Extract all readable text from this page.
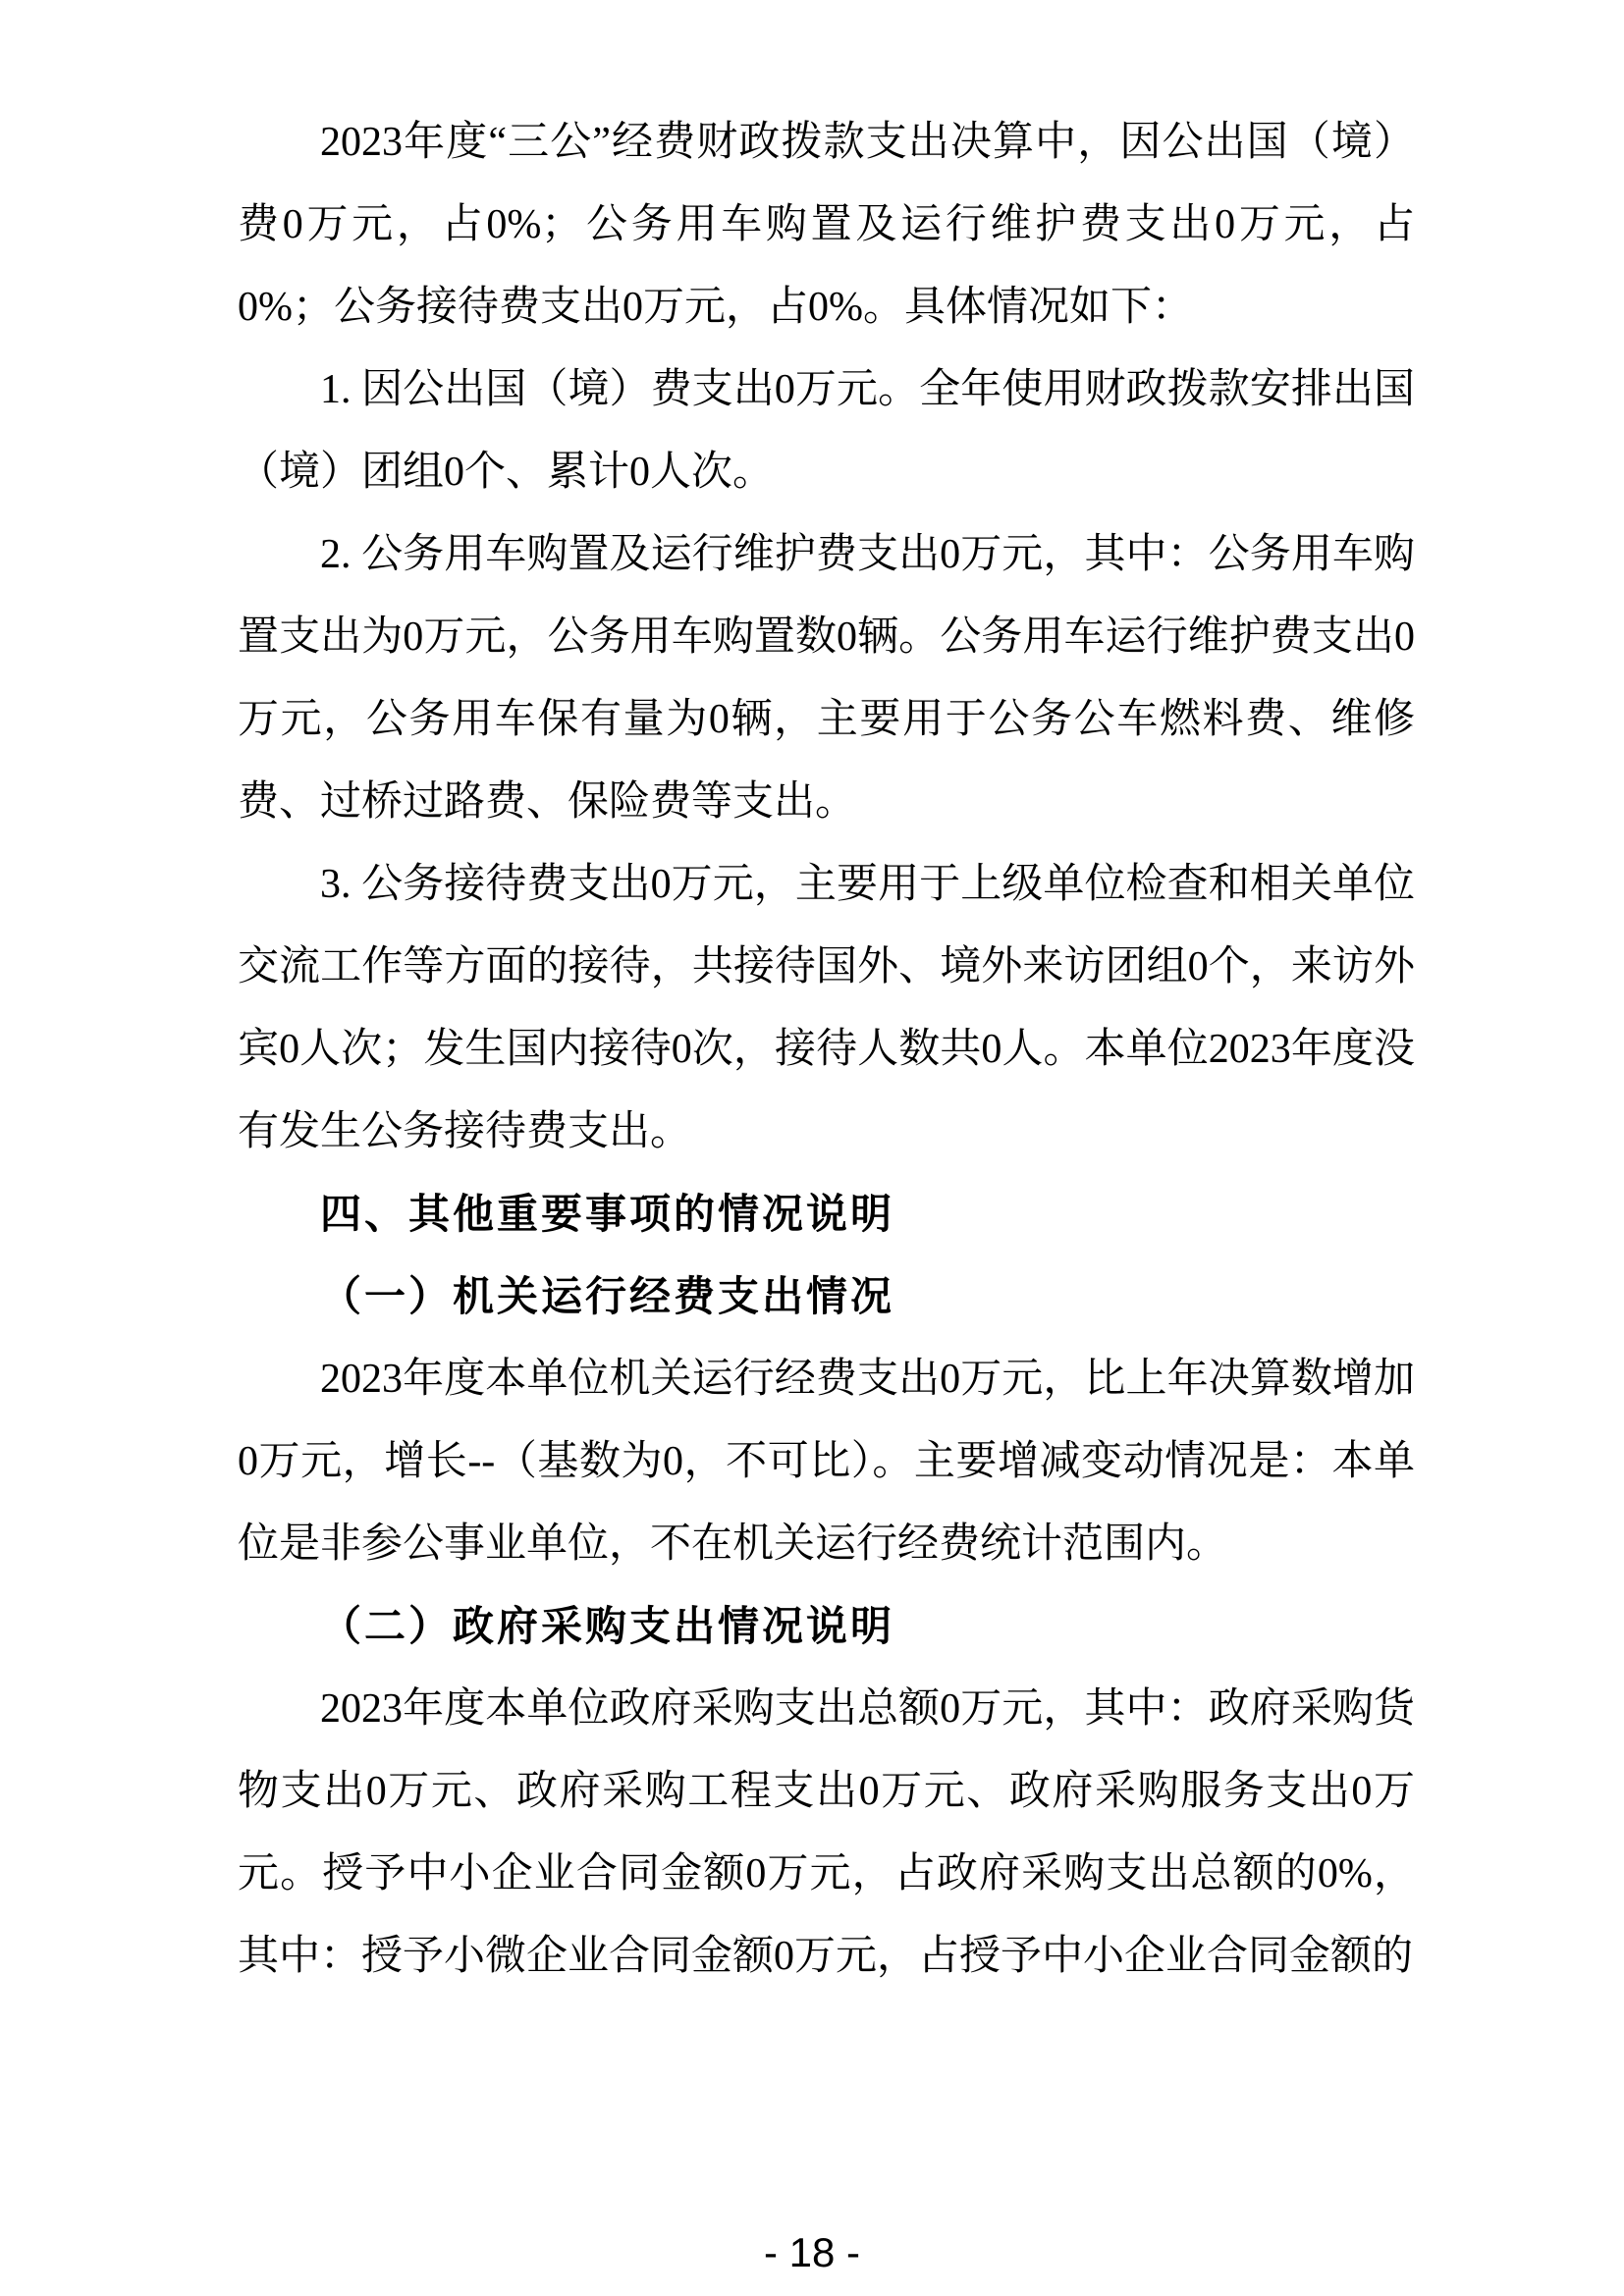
2023年度“三公”经费财政拨款支出决算中，因公出国（境）费0万元，占0%；公务用车购置及运行维护费支出0万元，占0%；公务接待费支出0万元，占0%。具体情况如下：

1. 因公出国（境）费支出0万元。全年使用财政拨款安排出国（境）团组0个、累计0人次。

2. 公务用车购置及运行维护费支出0万元，其中：公务用车购置支出为0万元，公务用车购置数0辆。公务用车运行维护费支出0万元，公务用车保有量为0辆，主要用于公务公车燃料费、维修费、过桥过路费、保险费等支出。

3. 公务接待费支出0万元，主要用于上级单位检查和相关单位交流工作等方面的接待，共接待国外、境外来访团组0个，来访外宾0人次；发生国内接待0次，接待人数共0人。本单位2023年度没有发生公务接待费支出。

四、其他重要事项的情况说明

（一）机关运行经费支出情况

2023年度本单位机关运行经费支出0万元，比上年决算数增加0万元，增长--（基数为0，不可比）。主要增减变动情况是：本单位是非参公事业单位，不在机关运行经费统计范围内。

（二）政府采购支出情况说明

2023年度本单位政府采购支出总额0万元，其中：政府采购货物支出0万元、政府采购工程支出0万元、政府采购服务支出0万元。授予中小企业合同金额0万元，占政府采购支出总额的0%，其中：授予小微企业合同金额0万元，占授予中小企业合同金额的

- 18 -
